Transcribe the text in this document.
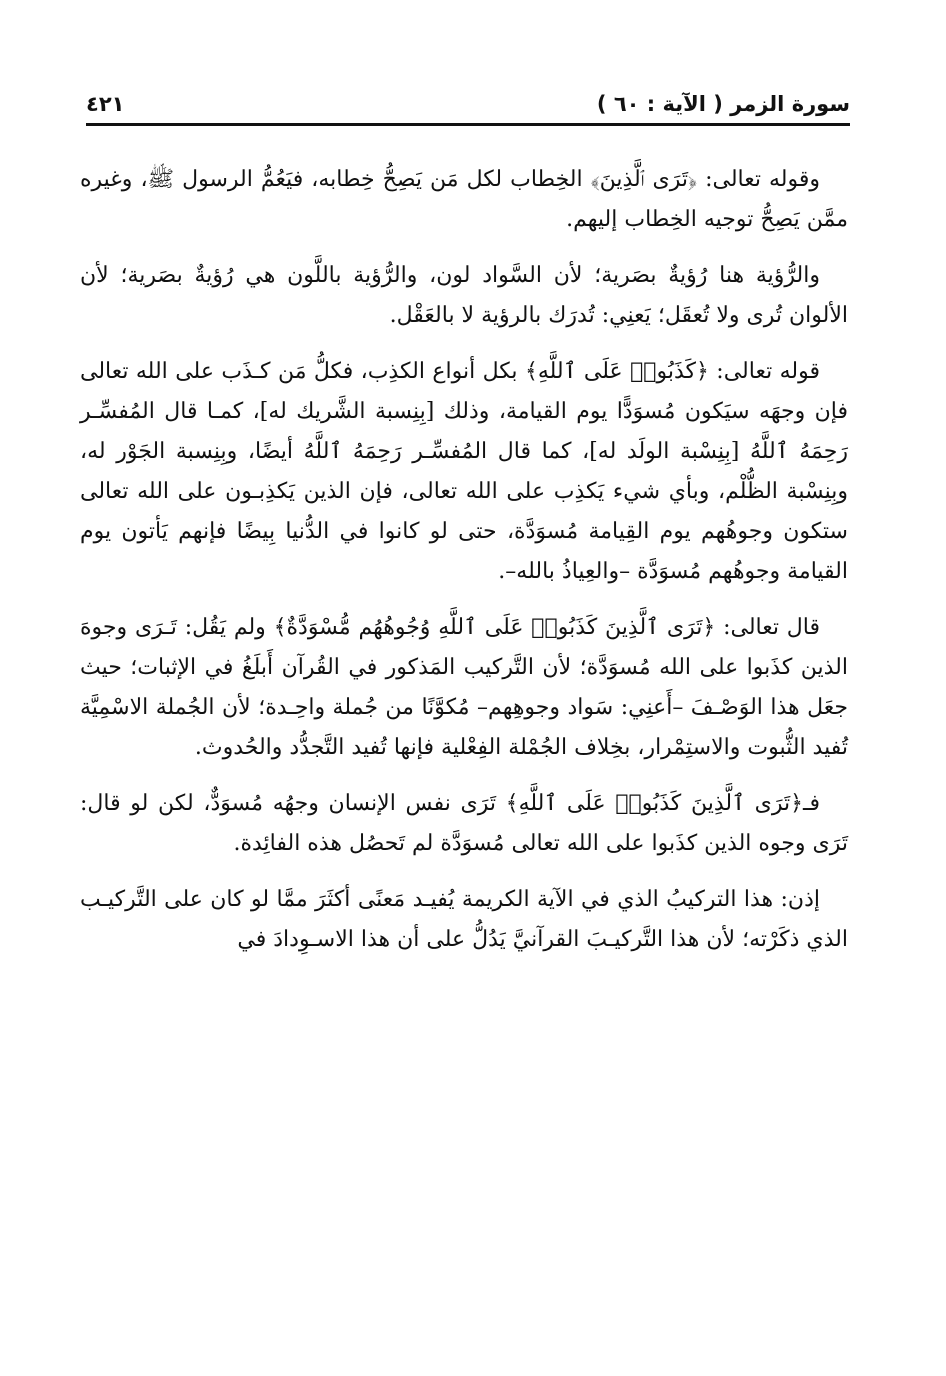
سورة الزمر ( الآية : ٦٠ )
٤٢١

وقوله تعالى: ﴿تَرَى ٱلَّذِينَ﴾ الخِطاب لكل مَن يَصِحُّ خِطابه، فيَعُمُّ الرسول ﷺ، وغيره ممَّن يَصِحُّ توجيه الخِطاب إليهم.

والرُّؤية هنا رُؤيةٌ بصَرية؛ لأن السَّواد لون، والرُّؤية باللَّون هي رُؤيةٌ بصَرية؛ لأن الألوان تُرى ولا تُعقَل؛ يَعنِي: تُدرَك بالرؤية لا بالعَقْل.

قوله تعالى: ﴿كَذَبُوا۟ عَلَى ٱللَّهِ﴾ بكل أنواع الكذِب، فكلُّ مَن كـذَب على الله تعالى فإن وجهَه سيَكون مُسوَدًّا يوم القيامة، وذلك [بِنِسبة الشَّريك له]، كمـا قال المُفسِّـر رَحِمَهُ ٱللَّهُ [بِنِسْبة الولَد له]، كما قال المُفسِّـر رَحِمَهُ ٱللَّهُ أيضًا، وبِنِسبة الجَوْر له، وبِنِسْبة الظُّلْم، وبأي شيء يَكذِب على الله تعالى، فإن الذين يَكذِبـون على الله تعالى ستكون وجوهُهم يوم القِيامة مُسوَدَّة، حتى لو كانوا في الدُّنيا بِيضًا فإنهم يَأتون يوم القيامة وجوهُهم مُسوَدَّة –والعِياذُ بالله–.

قال تعالى: ﴿تَرَى ٱلَّذِينَ كَذَبُوا۟ عَلَى ٱللَّهِ وُجُوهُهُم مُّسْوَدَّةٌ﴾ ولم يَقُل: تَـرَى وجوهَ الذين كذَبوا على الله مُسوَدَّة؛ لأن التَّركيب المَذكور في القُرآن أَبلَغُ في الإثبات؛ حيث جعَل هذا الوَصْـفَ –أَعنِي: سَواد وجوهِهم– مُكوَّنًا من جُملة واحِـدة؛ لأن الجُملة الاسْمِيَّة تُفيد الثُّبوت والاستِمْرار، بخِلاف الجُمْلة الفِعْلية فإنها تُفيد التَّجدُّد والحُدوث.

فـ﴿تَرَى ٱلَّذِينَ كَذَبُوا۟ عَلَى ٱللَّهِ﴾ تَرَى نفس الإنسان وجهُه مُسوَدٌّ، لكن لو قال: تَرَى وجوه الذين كذَبوا على الله تعالى مُسوَدَّة لم تَحصُل هذه الفائِدة.

إذن: هذا التركيبُ الذي في الآية الكريمة يُفيـد مَعنًى أكثَرَ ممَّا لو كان على التَّركيـب الذي ذكَرْته؛ لأن هذا التَّركيـبَ القرآنيَّ يَدُلُّ على أن هذا الاسـوِدادَ في
